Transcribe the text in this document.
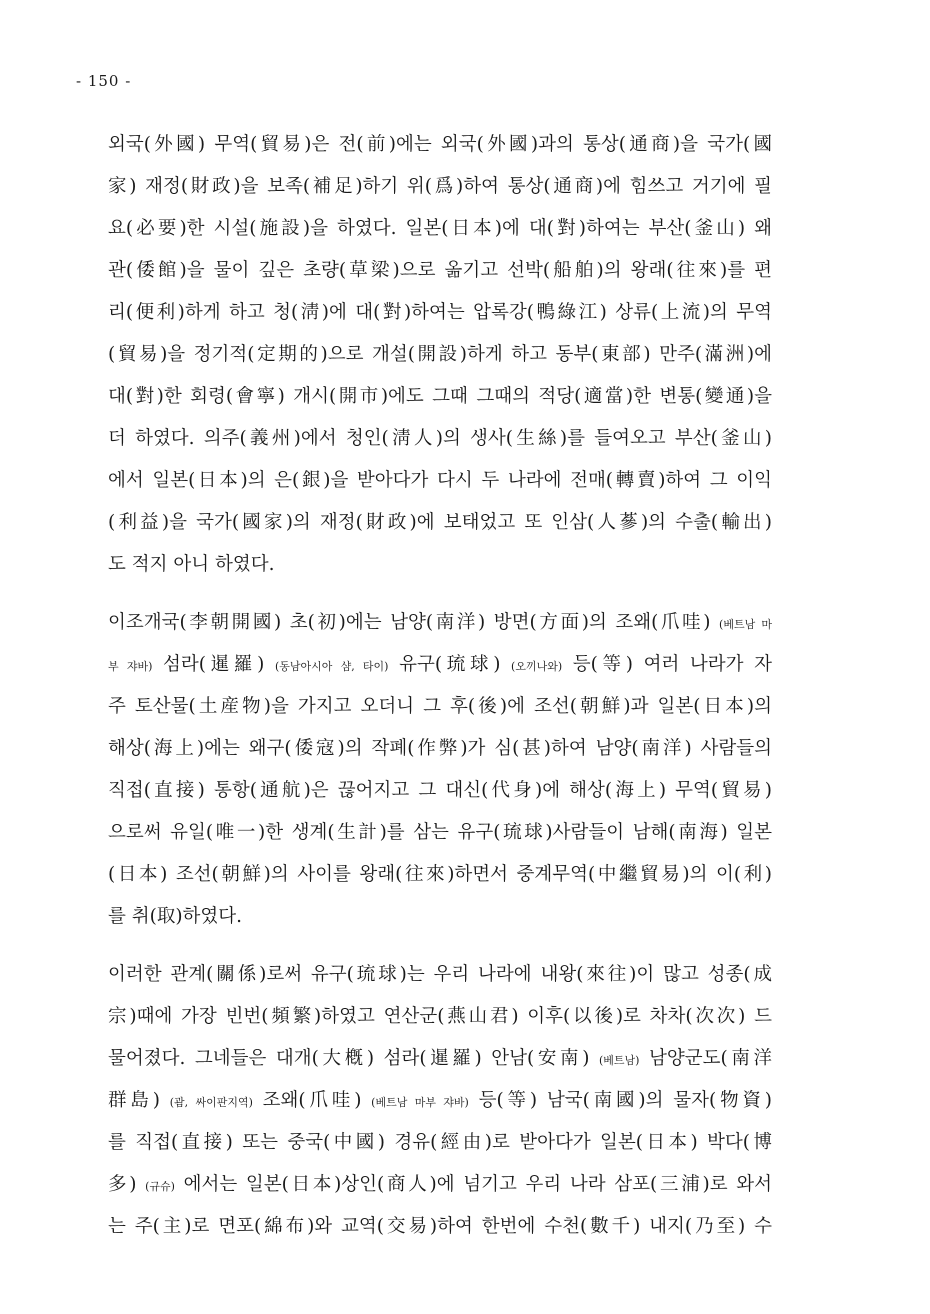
- 150 -
외국(外國) 무역(貿易)은 전(前)에는 외국(外國)과의 통상(通商)을 국가(國
家) 재정(財政)을 보족(補足)하기 위(爲)하여 통상(通商)에 힘쓰고 거기에 필
요(必要)한 시설(施設)을 하였다. 일본(日本)에 대(對)하여는 부산(釜山) 왜
관(倭館)을 물이 깊은 초량(草梁)으로 옮기고 선박(船舶)의 왕래(往來)를 편
리(便利)하게 하고 청(淸)에 대(對)하여는 압록강(鴨綠江) 상류(上流)의 무역
(貿易)을 정기적(定期的)으로 개설(開設)하게 하고 동부(東部) 만주(滿洲)에
대(對)한 회령(會寧) 개시(開市)에도 그때 그때의 적당(適當)한 변통(變通)을
더 하였다. 의주(義州)에서 청인(淸人)의 생사(生絲)를 들여오고 부산(釜山)
에서 일본(日本)의 은(銀)을 받아다가 다시 두 나라에 전매(轉賣)하여 그 이익
(利益)을 국가(國家)의 재정(財政)에 보태었고 또 인삼(人蔘)의 수출(輸出)
도 적지 아니 하였다.
이조개국(李朝開國) 초(初)에는 남양(南洋) 방면(方面)의 조왜(爪哇) (베트남 마
부 쟈바) 섬라(暹羅) (동남아시아 샴, 타이) 유구(琉球) (오끼나와) 등(等) 여러 나라가 자
주 토산물(土産物)을 가지고 오더니 그 후(後)에 조선(朝鮮)과 일본(日本)의
해상(海上)에는 왜구(倭寇)의 작폐(作弊)가 심(甚)하여 남양(南洋) 사람들의
직접(直接) 통항(通航)은 끊어지고 그 대신(代身)에 해상(海上) 무역(貿易)
으로써 유일(唯一)한 생계(生計)를 삼는 유구(琉球)사람들이 남해(南海) 일본
(日本) 조선(朝鮮)의 사이를 왕래(往來)하면서 중계무역(中繼貿易)의 이(利)
를 취(取)하였다.
이러한 관계(關係)로써 유구(琉球)는 우리 나라에 내왕(來往)이 많고 성종(成
宗)때에 가장 빈번(頻繁)하였고 연산군(燕山君) 이후(以後)로 차차(次次) 드
물어졌다. 그네들은 대개(大槪) 섬라(暹羅) 안남(安南) (베트남) 남양군도(南洋
群島) (괌, 싸이판지역) 조왜(爪哇) (베트남 마부 쟈바) 등(等) 남국(南國)의 물자(物資)
를 직접(直接) 또는 중국(中國) 경유(經由)로 받아다가 일본(日本) 박다(博
多) (규슈) 에서는 일본(日本)상인(商人)에 넘기고 우리 나라 삼포(三浦)로 와서
는 주(主)로 면포(綿布)와 교역(交易)하여 한번에 수천(數千) 내지(乃至) 수
